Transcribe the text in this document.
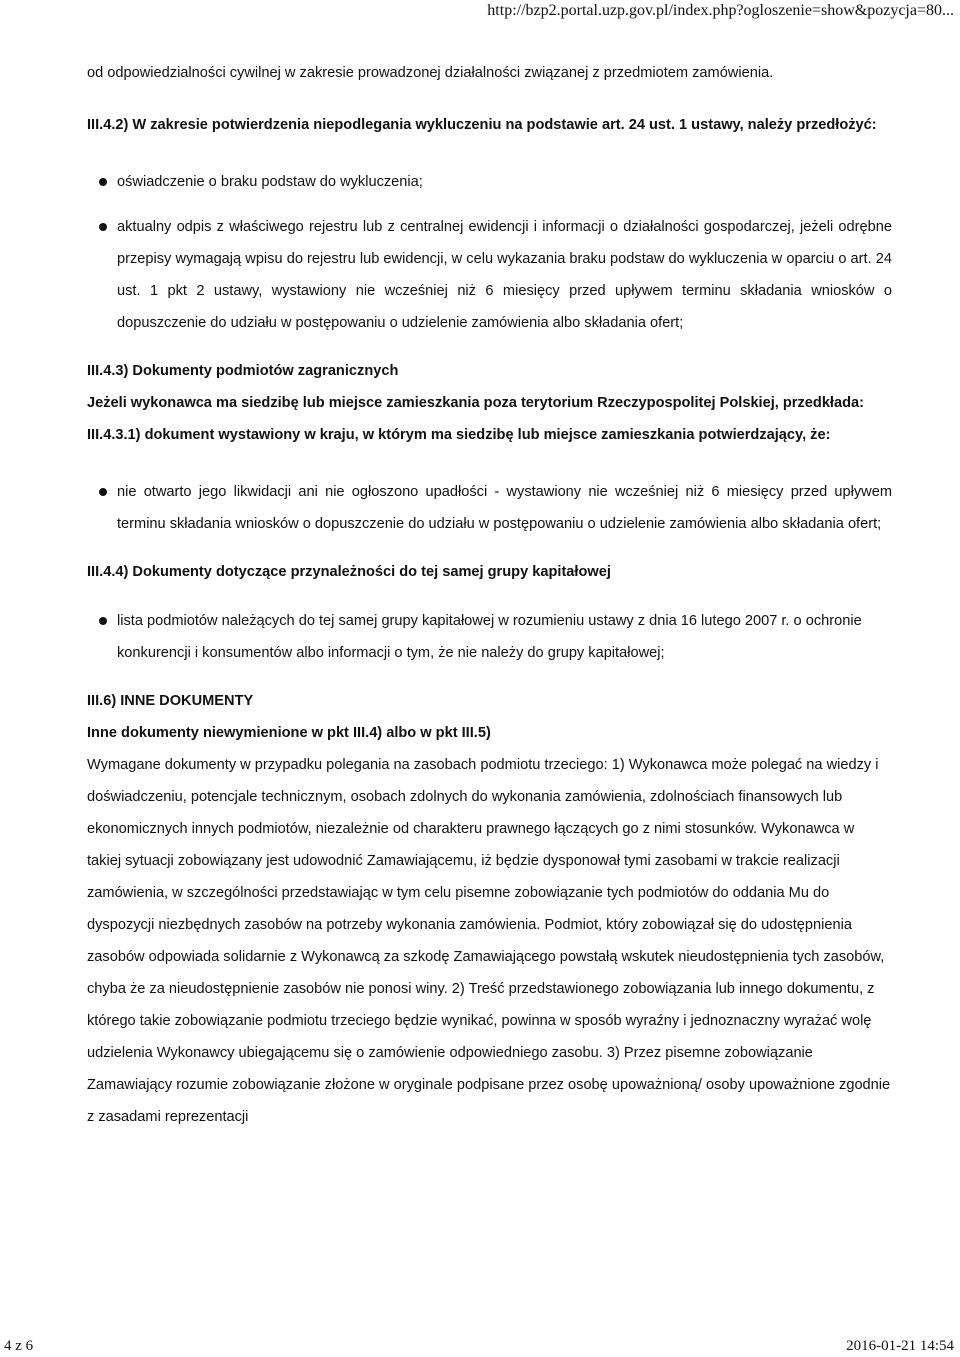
http://bzp2.portal.uzp.gov.pl/index.php?ogloszenie=show&pozycja=80...

od odpowiedzialności cywilnej w zakresie prowadzonej działalności związanej z przedmiotem zamówienia.

III.4.2) W zakresie potwierdzenia niepodlegania wykluczeniu na podstawie art. 24 ust. 1 ustawy, należy przedłożyć:

oświadczenie o braku podstaw do wykluczenia;

aktualny odpis z właściwego rejestru lub z centralnej ewidencji i informacji o działalności gospodarczej, jeżeli odrębne przepisy wymagają wpisu do rejestru lub ewidencji, w celu wykazania braku podstaw do wykluczenia w oparciu o art. 24 ust. 1 pkt 2 ustawy, wystawiony nie wcześniej niż 6 miesięcy przed upływem terminu składania wniosków o dopuszczenie do udziału w postępowaniu o udzielenie zamówienia albo składania ofert;

III.4.3) Dokumenty podmiotów zagranicznych

Jeżeli wykonawca ma siedzibę lub miejsce zamieszkania poza terytorium Rzeczypospolitej Polskiej, przedkłada:

III.4.3.1) dokument wystawiony w kraju, w którym ma siedzibę lub miejsce zamieszkania potwierdzający, że:

nie otwarto jego likwidacji ani nie ogłoszono upadłości - wystawiony nie wcześniej niż 6 miesięcy przed upływem terminu składania wniosków o dopuszczenie do udziału w postępowaniu o udzielenie zamówienia albo składania ofert;

III.4.4) Dokumenty dotyczące przynależności do tej samej grupy kapitałowej

lista podmiotów należących do tej samej grupy kapitałowej w rozumieniu ustawy z dnia 16 lutego 2007 r. o ochronie konkurencji i konsumentów albo informacji o tym, że nie należy do grupy kapitałowej;

III.6) INNE DOKUMENTY

Inne dokumenty niewymienione w pkt III.4) albo w pkt III.5)

Wymagane dokumenty w przypadku polegania na zasobach podmiotu trzeciego: 1) Wykonawca może polegać na wiedzy i doświadczeniu, potencjale technicznym, osobach zdolnych do wykonania zamówienia, zdolnościach finansowych lub ekonomicznych innych podmiotów, niezależnie od charakteru prawnego łączących go z nimi stosunków. Wykonawca w takiej sytuacji zobowiązany jest udowodnić Zamawiającemu, iż będzie dysponował tymi zasobami w trakcie realizacji zamówienia, w szczególności przedstawiając w tym celu pisemne zobowiązanie tych podmiotów do oddania Mu do dyspozycji niezbędnych zasobów na potrzeby wykonania zamówienia. Podmiot, który zobowiązał się do udostępnienia zasobów odpowiada solidarnie z Wykonawcą za szkodę Zamawiającego powstałą wskutek nieudostępnienia tych zasobów, chyba że za nieudostępnienie zasobów nie ponosi winy. 2) Treść przedstawionego zobowiązania lub innego dokumentu, z którego takie zobowiązanie podmiotu trzeciego będzie wynikać, powinna w sposób wyraźny i jednoznaczny wyrażać wolę udzielenia Wykonawcy ubiegającemu się o zamówienie odpowiedniego zasobu. 3) Przez pisemne zobowiązanie Zamawiający rozumie zobowiązanie złożone w oryginale podpisane przez osobę upoważnioną/ osoby upoważnione zgodnie z zasadami reprezentacji

4 z 6	2016-01-21 14:54
